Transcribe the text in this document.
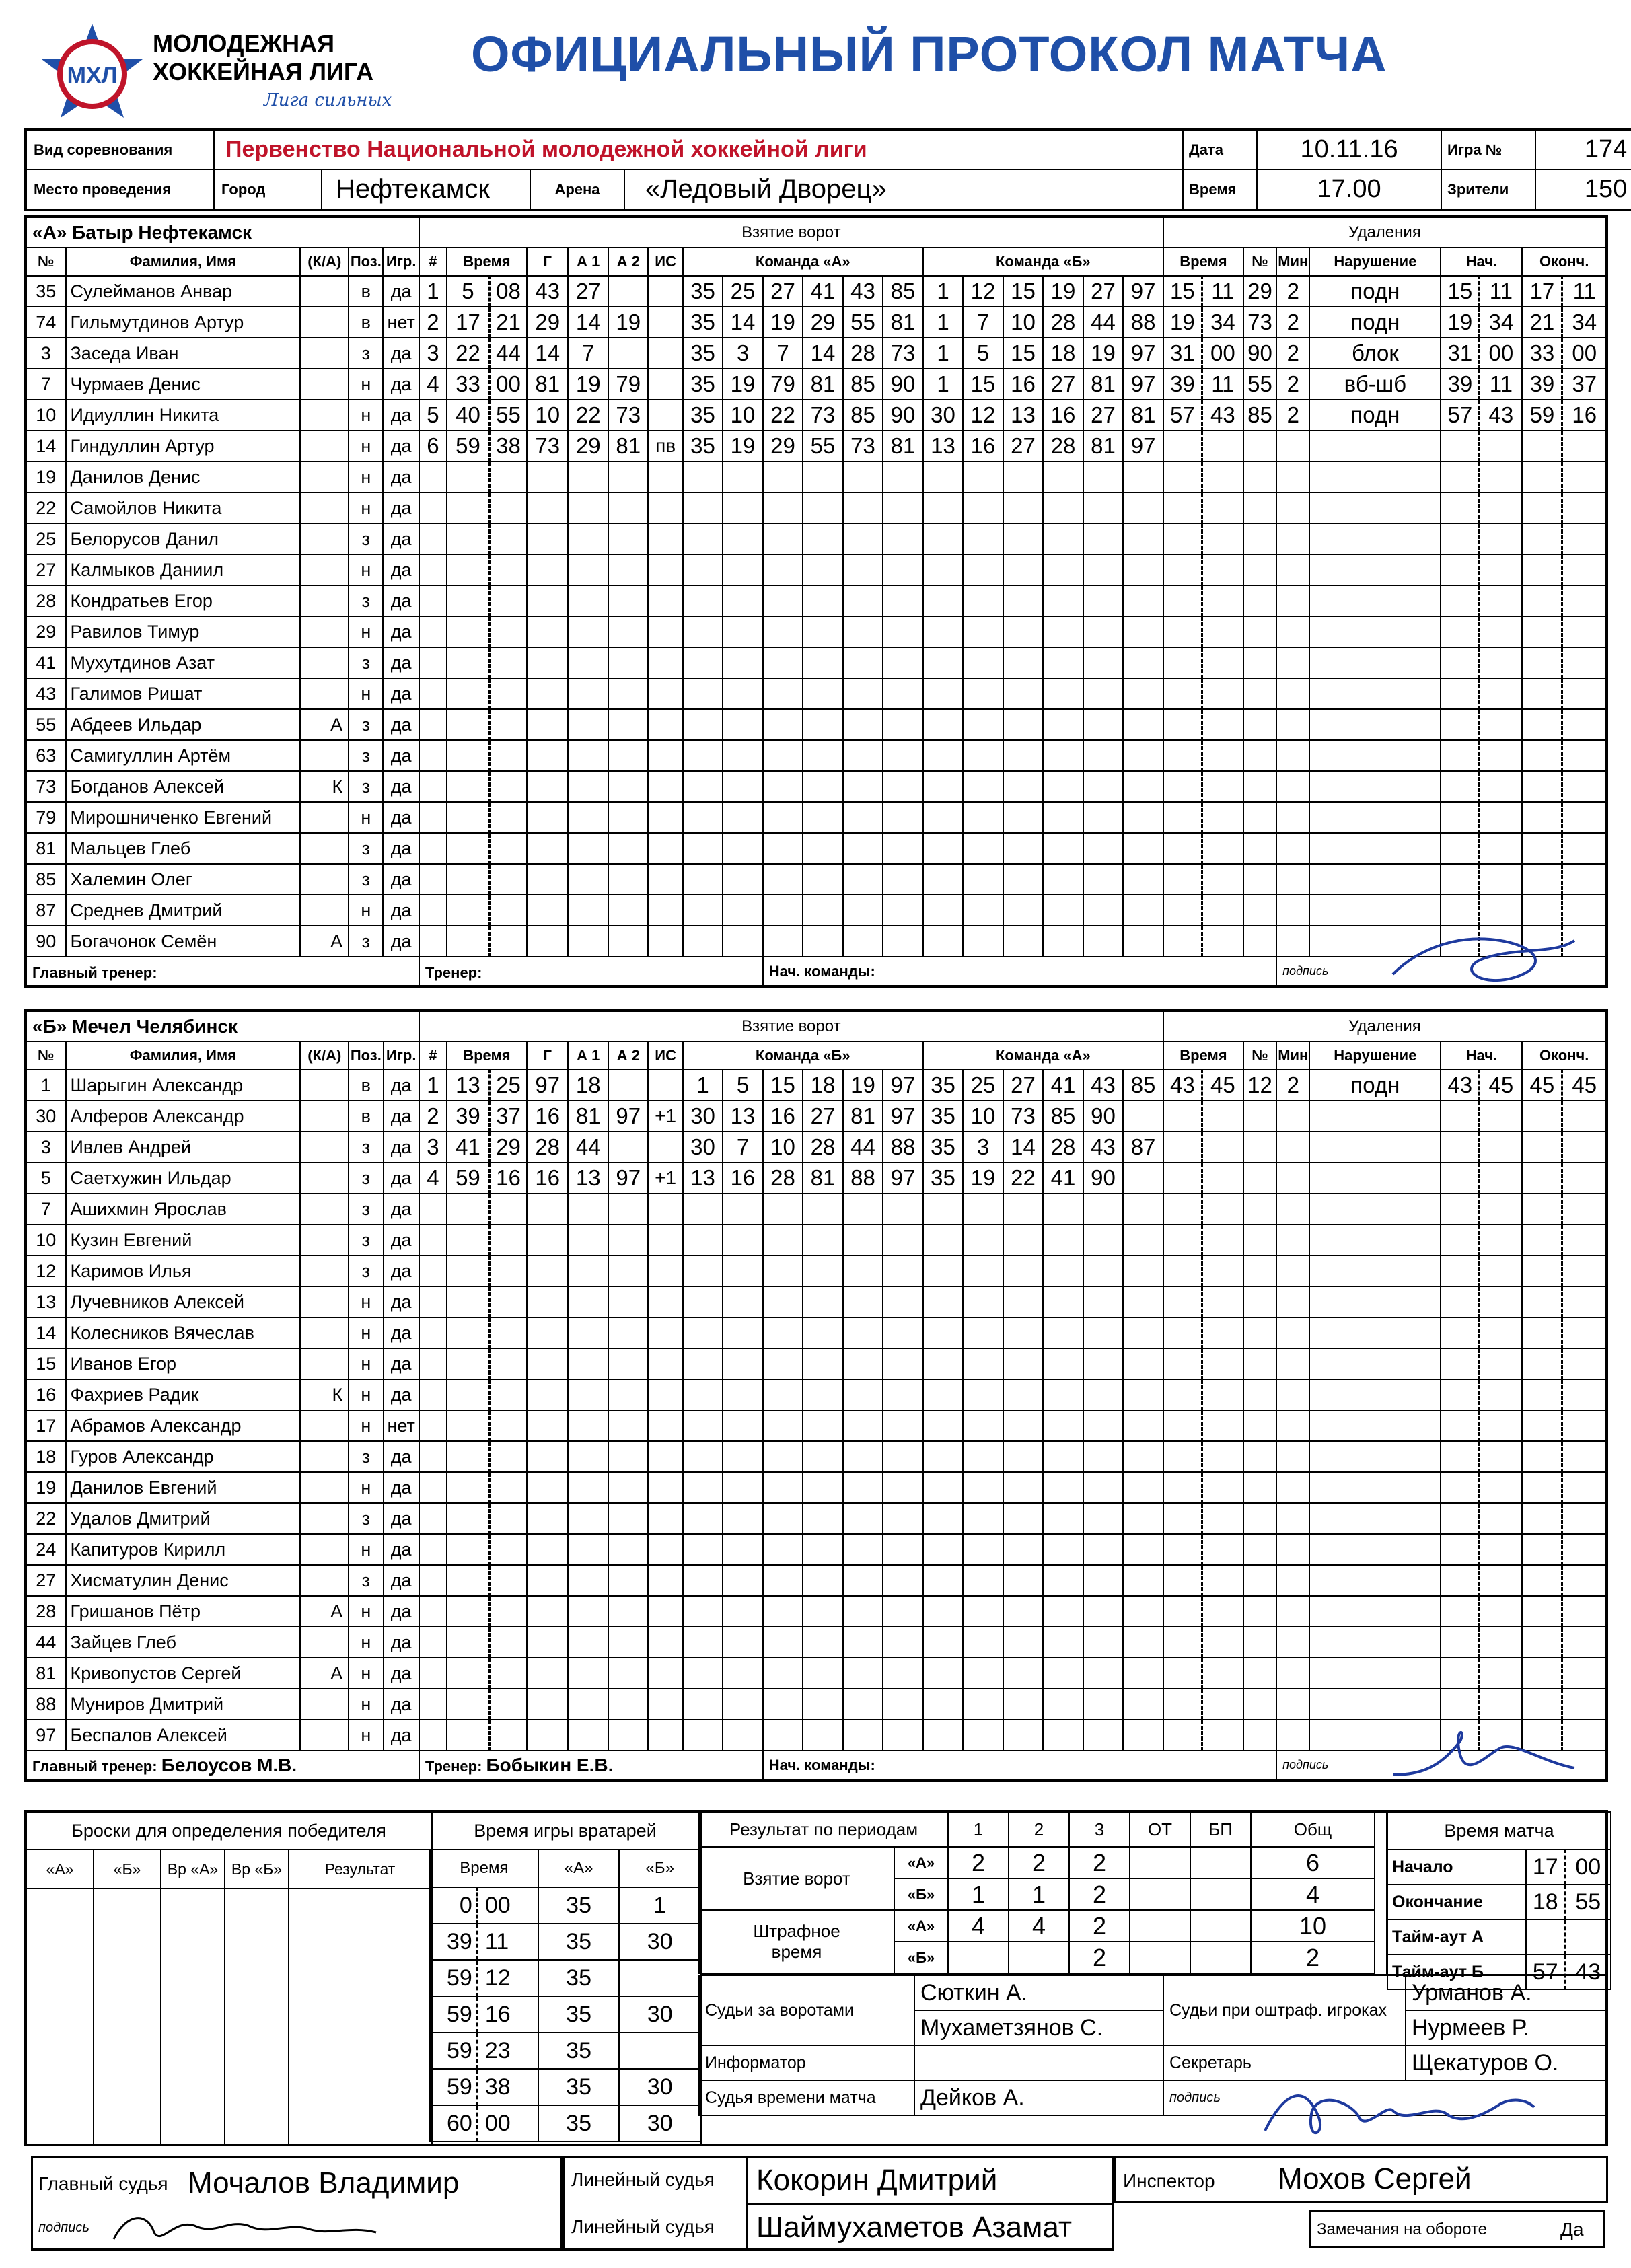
МХЛ
МОЛОДЕЖНАЯ
ХОККЕЙНАЯ ЛИГА
Лига сильных
ОФИЦИАЛЬНЫЙ ПРОТОКОЛ МАТЧА
Вид соревнования	Первенство Национальной молодежной хоккейной лиги				Дата	10.11.16	Игра №	174
Место проведения	Город	Нефтекамск	Арена	«Ледовый Дворец»	Время	17.00	Зрители	150
«А» Батыр Нефтекамск					Взятие ворот																			Удаления								
№	Фамилия, Имя	(К/А)	Поз.	Игр.	#	Время		Г	А 1	А 2	ИС	Команда «А»						Команда «Б»						Время		№	Мин	Нарушение	Нач.		Оконч.	
35	Сулейманов Анвар		в	да	1	5	08	43	27			35	25	27	41	43	85	1	12	15	19	27	97	15	11	29	2	подн	15	11	17	11
74	Гильмутдинов Артур		в	нет	2	17	21	29	14	19		35	14	19	29	55	81	1	7	10	28	44	88	19	34	73	2	подн	19	34	21	34
3	Заседа Иван		з	да	3	22	44	14	7			35	3	7	14	28	73	1	5	15	18	19	97	31	00	90	2	блок	31	00	33	00
7	Чурмаев Денис		н	да	4	33	00	81	19	79		35	19	79	81	85	90	1	15	16	27	81	97	39	11	55	2	вб-шб	39	11	39	37
10	Идиуллин Никита		н	да	5	40	55	10	22	73		35	10	22	73	85	90	30	12	13	16	27	81	57	43	85	2	подн	57	43	59	16
14	Гиндуллин Артур		н	да	6	59	38	73	29	81	пв	35	19	29	55	73	81	13	16	27	28	81	97									
19	Данилов Денис		н	да																												
22	Самойлов Никита		н	да																												
25	Белорусов Данил		з	да																												
27	Калмыков Даниил		н	да																												
28	Кондратьев Егор		з	да																												
29	Равилов Тимур		н	да																												
41	Мухутдинов Азат		з	да																												
43	Галимов Ришат		н	да																												
55	Абдеев Ильдар	А	з	да																												
63	Самигуллин Артём		з	да																												
73	Богданов Алексей	К	з	да																												
79	Мирошниченко Евгений		н	да																												
81	Мальцев Глеб		з	да																												
85	Халемин Олег		з	да																												
87	Среднев Дмитрий		н	да																												
90	Богачонок Семён	А	з	да																												
Главный тренер:					Тренер:									Нач. команды:													подпись					
«Б» Мечел Челябинск					Взятие ворот																			Удаления								
№	Фамилия, Имя	(К/А)	Поз.	Игр.	#	Время		Г	А 1	А 2	ИС	Команда «Б»						Команда «А»						Время		№	Мин	Нарушение	Нач.		Оконч.	
1	Шарыгин Александр		в	да	1	13	25	97	18			1	5	15	18	19	97	35	25	27	41	43	85	43	45	12	2	подн	43	45	45	45
30	Алферов Александр		в	да	2	39	37	16	81	97	+1	30	13	16	27	81	97	35	10	73	85	90										
3	Ивлев Андрей		з	да	3	41	29	28	44			30	7	10	28	44	88	35	3	14	28	43	87									
5	Саетхужин Ильдар		з	да	4	59	16	16	13	97	+1	13	16	28	81	88	97	35	19	22	41	90										
7	Ашихмин Ярослав		з	да																												
10	Кузин Евгений		з	да																												
12	Каримов Илья		з	да																												
13	Лучевников Алексей		н	да																												
14	Колесников Вячеслав		н	да																												
15	Иванов Егор		н	да																												
16	Фахриев Радик	К	н	да																												
17	Абрамов Александр		н	нет																												
18	Гуров Александр		з	да																												
19	Данилов Евгений		н	да																												
22	Удалов Дмитрий		з	да																												
24	Капитуров Кирилл		н	да																												
27	Хисматулин Денис		з	да																												
28	Гришанов Пётр	А	н	да																												
44	Зайцев Глеб		н	да																												
81	Кривопустов Сергей	А	н	да																												
88	Муниров Дмитрий		н	да																												
97	Беспалов Алексей		н	да																												
Главный тренер: Белоусов М.В.					Тренер: Бобыкин Е.В.									Нач. команды:													подпись					
Броски для определения победителя
«А»	«Б»	Вр «А» Вр «Б»	Результат
Время игры вратарей
Время		«А»	«Б»
0	00	35	1
39	11	35	30
59	12	35	
59	16	35	30
59	23	35	
59	38	35	30
60	00	35	30
Результат по периодам		1	2	3	ОТ	БП	Общ
Взятие ворот	«А»	2	2	2			6
	«Б»	1	1	2			4
Штрафное время	«А»	4	4	2			10
	«Б»			2			2
Время матча		
Начало	17	00
Окончание	18	55
Тайм-аут А		
Тайм-аут Б	57	43
Судьи за воротами	Сюткин А.	Судьи при оштраф. игроках	Урманов А.
	Мухаметзянов С.		Нурмеев Р.
Информатор		Секретарь	Щекатуров О.
Судья времени матча	Дейков А.	подпись	
Главный судья Мочалов Владимир
подпись
Линейный судья Кокорин Дмитрий
Линейный судья Шаймухаметов Азамат
Инспектор Мохов Сергей
Замечания на обороте	Да
